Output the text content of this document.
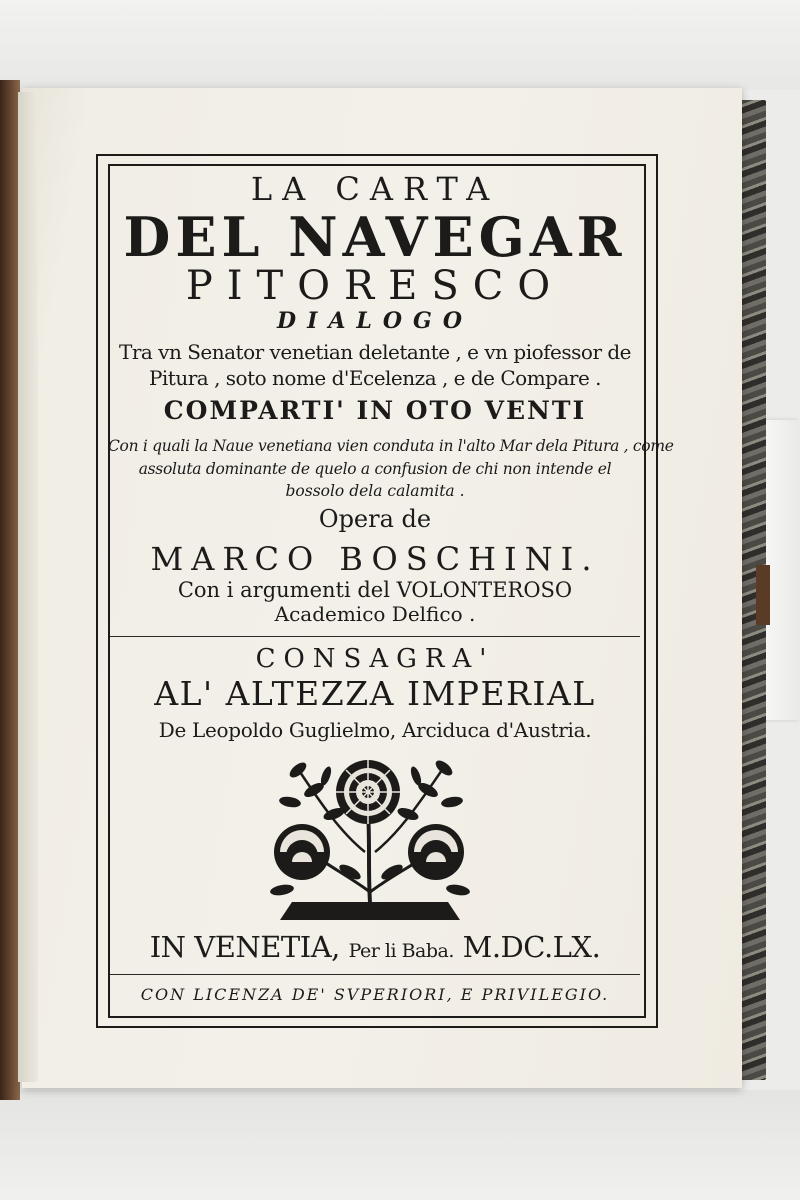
LA CARTA
DEL NAVEGAR
PITORESCO
DIALOGO
Tra vn Senator venetian deletante , e vn piofessor de
Pitura , soto nome d'Ecelenza , e de Compare .
COMPARTI' IN OTO VENTI
Con i quali la Naue venetiana vien conduta in l'alto Mar dela Pitura , come
assoluta dominante de quelo a confusion de chi non intende el
bossolo dela calamita .
Opera de
MARCO BOSCHINI.
Con i argumenti del VOLONTEROSO
Academico Delfico .
CONSAGRA'
AL' ALTEZZA IMPERIAL
De Leopoldo Guglielmo, Arciduca d'Austria.
IN VENETIA, Per li Baba. M.DC.LX.
CON LICENZA DE' SVPERIORI, E PRIVILEGIO.
